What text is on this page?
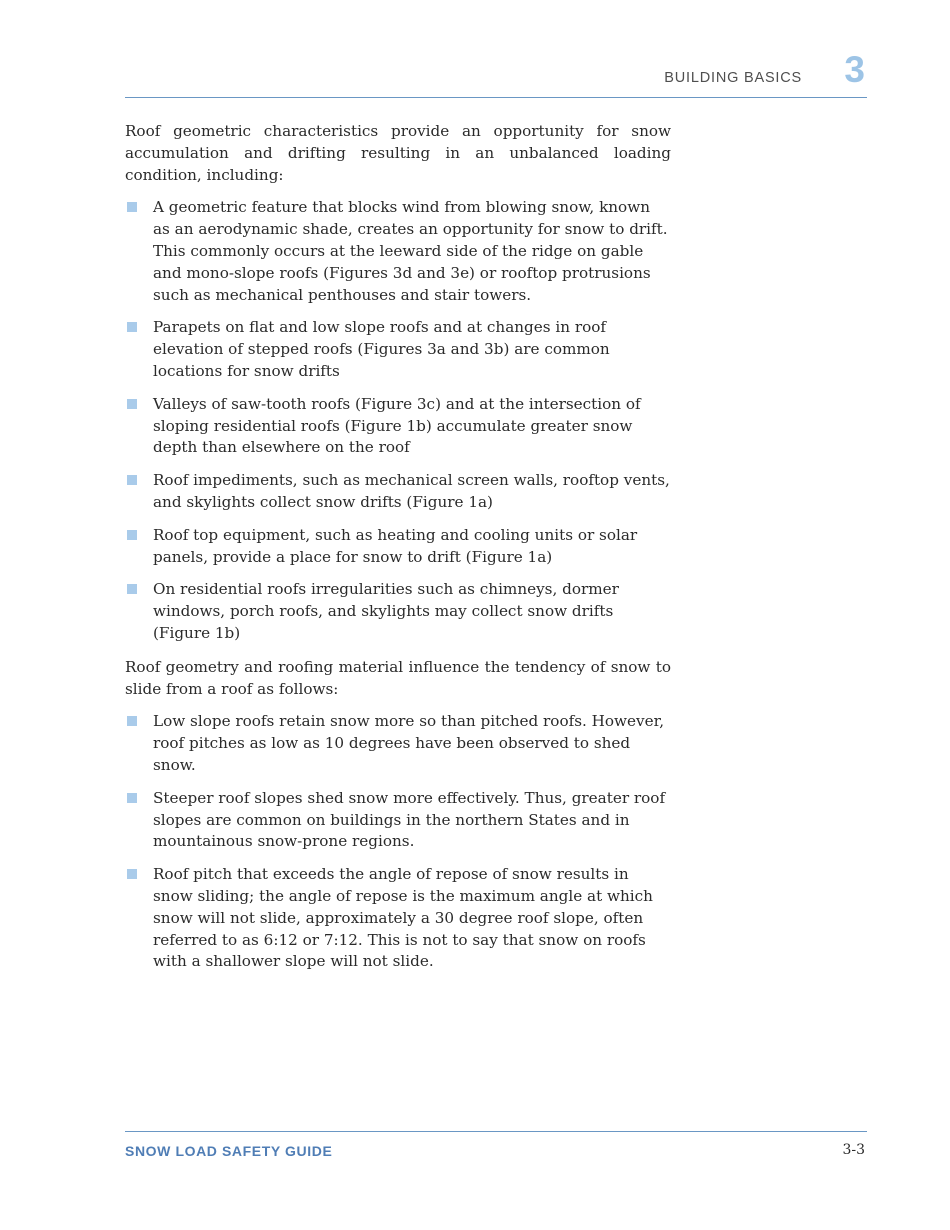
BUILDING BASICS 3

Roof geometric characteristics provide an opportunity for snow accumulation and drifting resulting in an unbalanced loading condition, including:

A geometric feature that blocks wind from blowing snow, known as an aerodynamic shade, creates an opportunity for snow to drift. This commonly occurs at the leeward side of the ridge on gable and mono-slope roofs (Figures 3d and 3e) or rooftop protrusions such as mechanical penthouses and stair towers.
Parapets on flat and low slope roofs and at changes in roof elevation of stepped roofs (Figures 3a and 3b) are common locations for snow drifts
Valleys of saw-tooth roofs (Figure 3c) and at the intersection of sloping residential roofs (Figure 1b) accumulate greater snow depth than elsewhere on the roof
Roof impediments, such as mechanical screen walls, rooftop vents, and skylights collect snow drifts (Figure 1a)
Roof top equipment, such as heating and cooling units or solar panels, provide a place for snow to drift (Figure 1a)
On residential roofs irregularities such as chimneys, dormer windows, porch roofs, and skylights may collect snow drifts (Figure 1b)

Roof geometry and roofing material influence the tendency of snow to slide from a roof as follows:

Low slope roofs retain snow more so than pitched roofs. However, roof pitches as low as 10 degrees have been observed to shed snow.
Steeper roof slopes shed snow more effectively. Thus, greater roof slopes are common on buildings in the northern States and in mountainous snow-prone regions.
Roof pitch that exceeds the angle of repose of snow results in snow sliding; the angle of repose is the maximum angle at which snow will not slide, approximately a 30 degree roof slope, often referred to as 6:12 or 7:12. This is not to say that snow on roofs with a shallower slope will not slide.
SNOW LOAD SAFETY GUIDE	3-3
